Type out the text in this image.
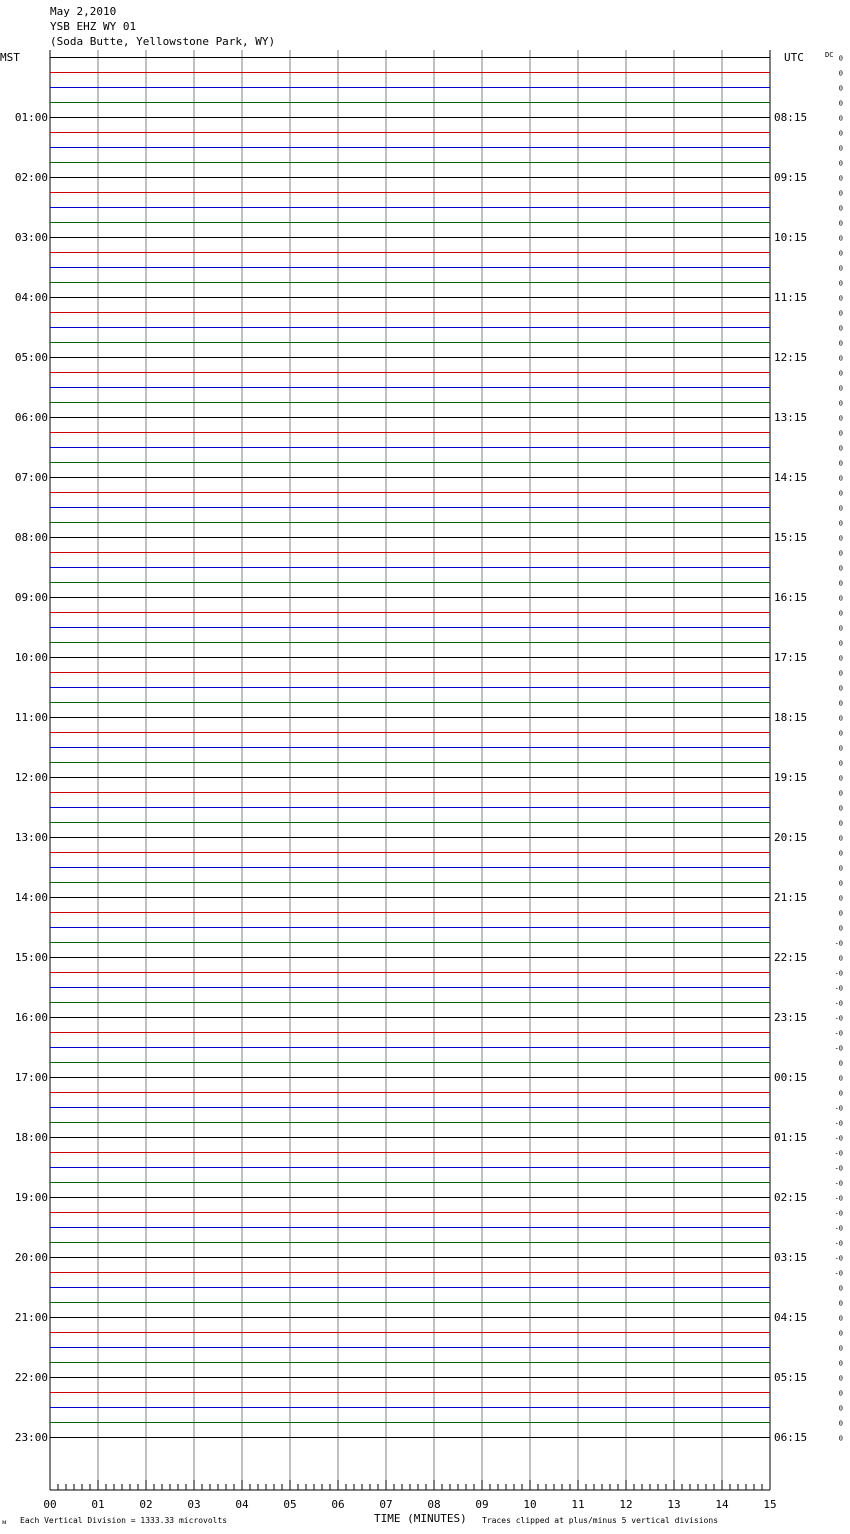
May 2,2010
YSB EHZ WY 01
(Soda Butte, Yellowstone Park, WY)
0
0
0
0
0
0
0
0
0
0
0
0
0
0
0
0
0
0
0
0
0
0
0
0
0
0
0
0
0
0
0
0
0
0
0
0
0
0
0
0
0
0
0
0
0
0
0
0
0
0
0
0
0
0
0
0
0
0
0
-0
0
-0
-0
-0
-0
-0
-0
0
0
0
-0
-0
-0
-0
-0
-0
-0
-0
-0
-0
-0
-0
0
0
0
0
0
0
0
0
0
0
0
MST	UTC	DC
01:00
02:00
03:00
04:00
05:00
06:00
07:00
08:00
09:00
10:00
11:00
12:00
13:00
14:00
15:00
16:00
17:00
18:00
19:00
20:00
21:00
22:00
23:00
08:15
09:15
10:15
11:15
12:15
13:15
14:15
15:15
16:15
17:15
18:15
19:15
20:15
21:15
22:15
23:15
00:15
01:15
02:15
03:15
04:15
05:15
06:15
00	01	02	03	04	05	06	07	08	09	10	11	12	13	14	15
Each Vertical Division = 1333.33 microvolts
ᴍ	TIME (MINUTES) Traces clipped at plus/minus 5 vertical divisions
